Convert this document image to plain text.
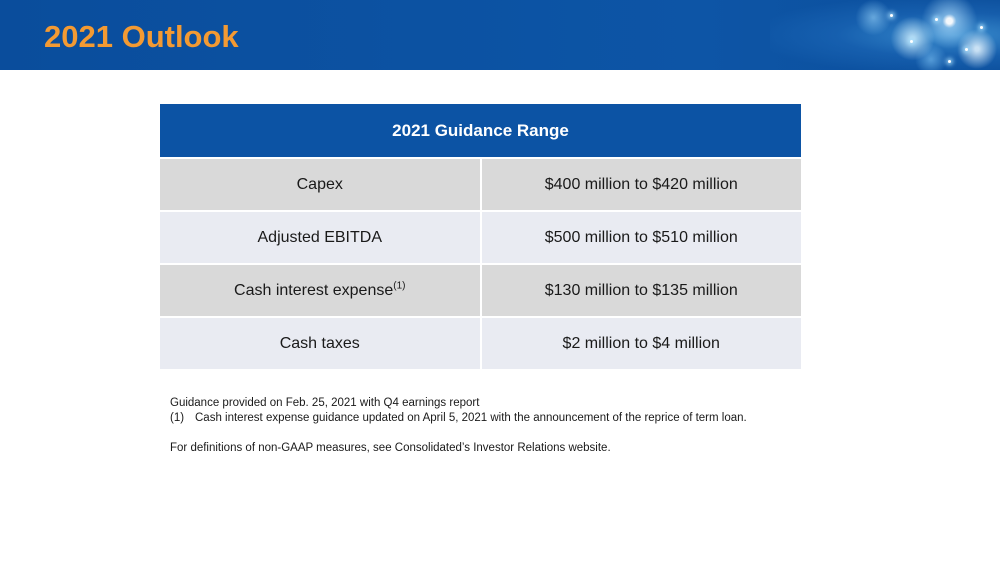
2021 Outlook
2021 Guidance Range	
Capex	$400 million to $420 million
Adjusted EBITDA	$500 million to $510 million
Cash interest expense$^{(1)}$	$130 million to $135 million
Cash taxes	$2 million to $4 million

Guidance provided on Feb. 25, 2021 with Q4 earnings report

(1) Cash interest expense guidance updated on April 5, 2021 with the announcement of the reprice of term loan.

For definitions of non-GAAP measures, see Consolidated’s Investor Relations website.
